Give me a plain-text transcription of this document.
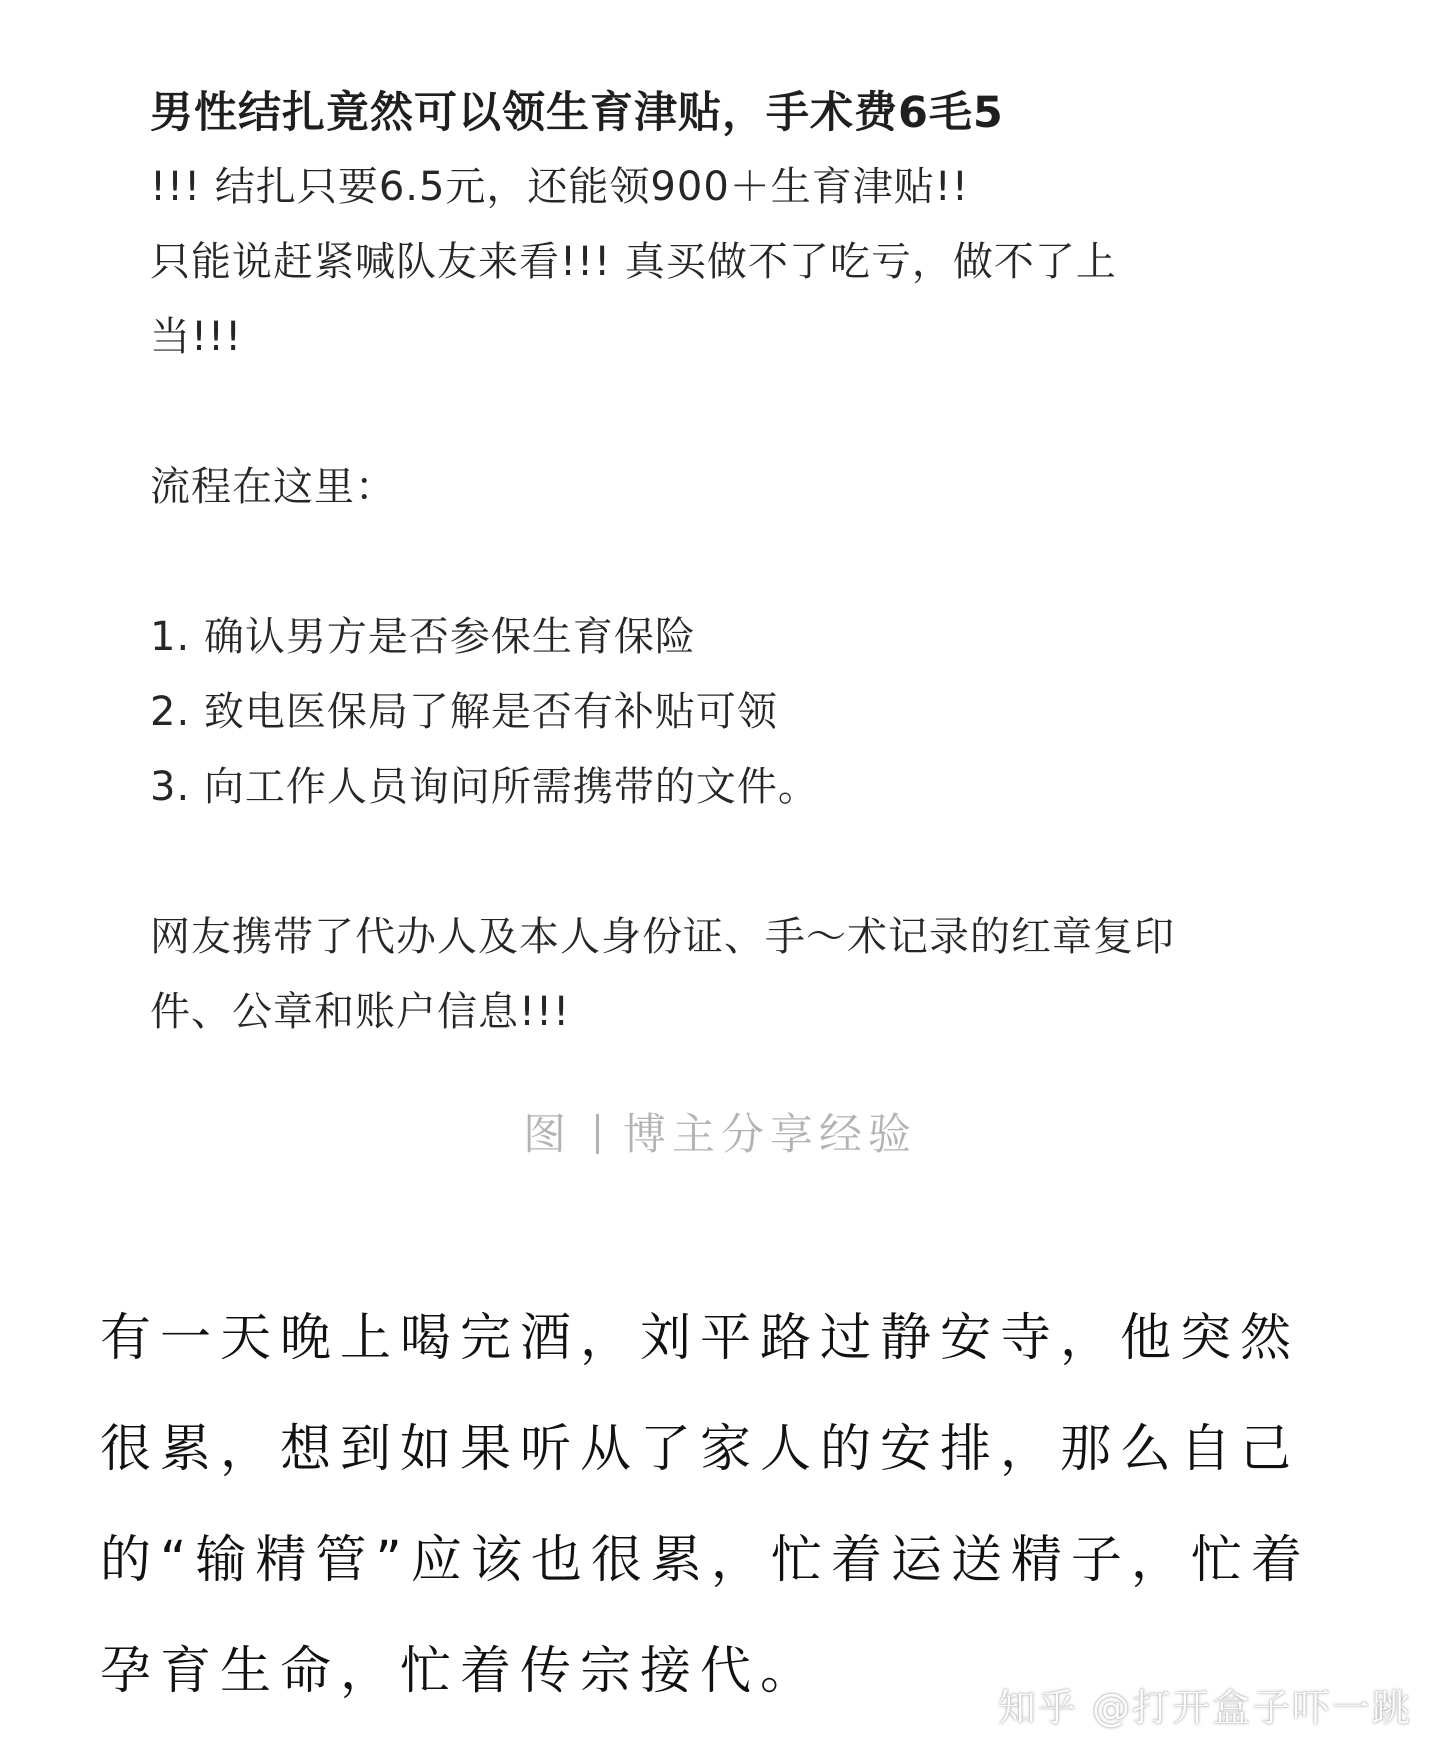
男性结扎竟然可以领生育津贴，手术费6毛5

!!! 结扎只要6.5元，还能领900＋生育津贴!!

只能说赶紧喊队友来看!!! 真买做不了吃亏，做不了上

当!!!

流程在这里：

1. 确认男方是否参保生育保险
2. 致电医保局了解是否有补贴可领
3. 向工作人员询问所需携带的文件。

网友携带了代办人及本人身份证、手～术记录的红章复印

件、公章和账户信息!!!

图 博主分享经验

有一天晚上喝完酒，刘平路过静安寺，他突然很累，想到如果听从了家人的安排，那么自己的“输精管”应该也很累，忙着运送精子，忙着孕育生命，忙着传宗接代。

知乎 @打开盒子吓一跳
